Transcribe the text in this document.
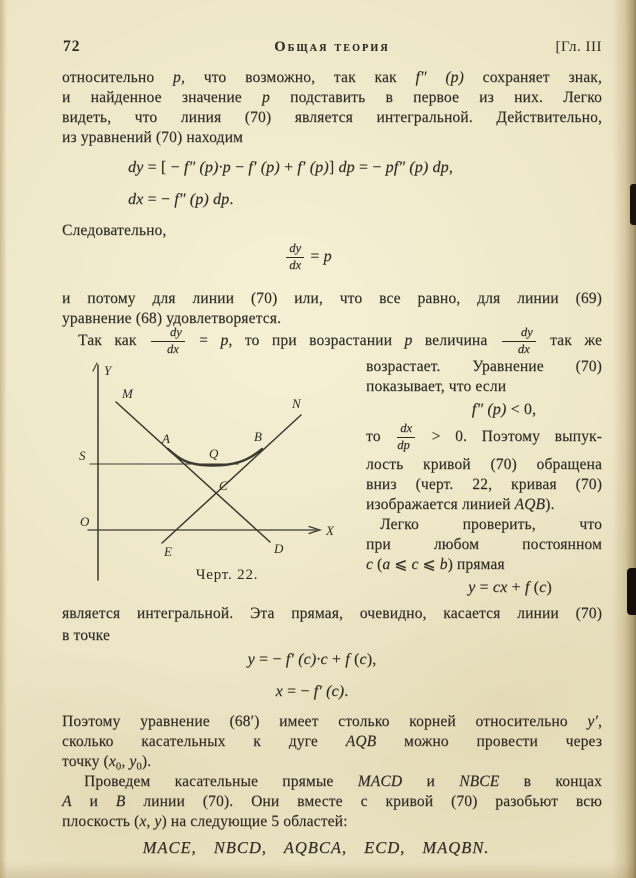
72	Общая теория	[Гл. III
относительно p, что возможно, так как f″ (p) сохраняет знак,
и найденное значение p подставить в первое из них. Легко
видеть, что линия (70) является интегральной. Действительно,
из уравнений (70) находим
dy = [ − f″ (p)·p − f′ (p) + f′ (p)] dp = − pf″ (p) dp,
dx = − f″ (p) dp.
Следовательно,
$\frac{dy}{dx} = p$
и потому для линии (70) или, что все равно, для линии (69)
уравнение (68) удовлетворяется.
Так как $\frac{dy}{dx} = p$, то при возрастании p величина $\frac{dy}{dx}$ так же
возрастает. Уравнение (70)
показывает, что если
f″ (p) < 0,
то $\frac{dx}{dp} > 0$. Поэтому выпук-
лость кривой (70) обращена
вниз (черт. 22, кривая (70)
изображается линией AQB).
Легко проверить, что
при любом постоянном
c (a ⩽ c ⩽ b) прямая
y = cx + f (c)
Y
M
N
A
Q
B
S
C
O
X
E	D
Черт. 22.
является интегральной. Эта прямая, очевидно, касается линии (70)
в точке
y = − f′ (c)·c + f (c),
x = − f′ (c).
Поэтому уравнение (68′) имеет столько корней относительно y′,
сколько касательных к дуге AQB можно провести через
точку ($x_0$, $y_0$).
Проведем касательные прямые MACD и NBCE в концах
A и B линии (70). Они вместе с кривой (70) разобьют всю
плоскость (x, y) на следующие 5 областей:
MACE, NBCD, AQBCA, ECD, MAQBN.
